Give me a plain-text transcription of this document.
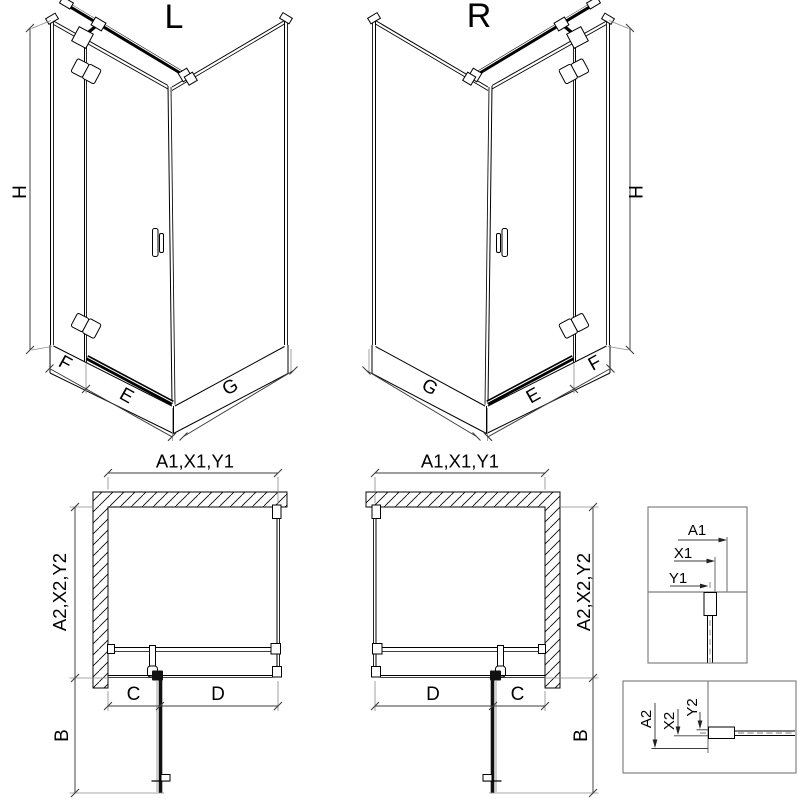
L
H
F
E	G
R
H
F
E
G
A1,X1,Y1
A2,X2,Y2
B
C	D
A1,X1,Y1
A2,X2,Y2
B
D	C
A1
X1
Y1
A2 X2
Y2
